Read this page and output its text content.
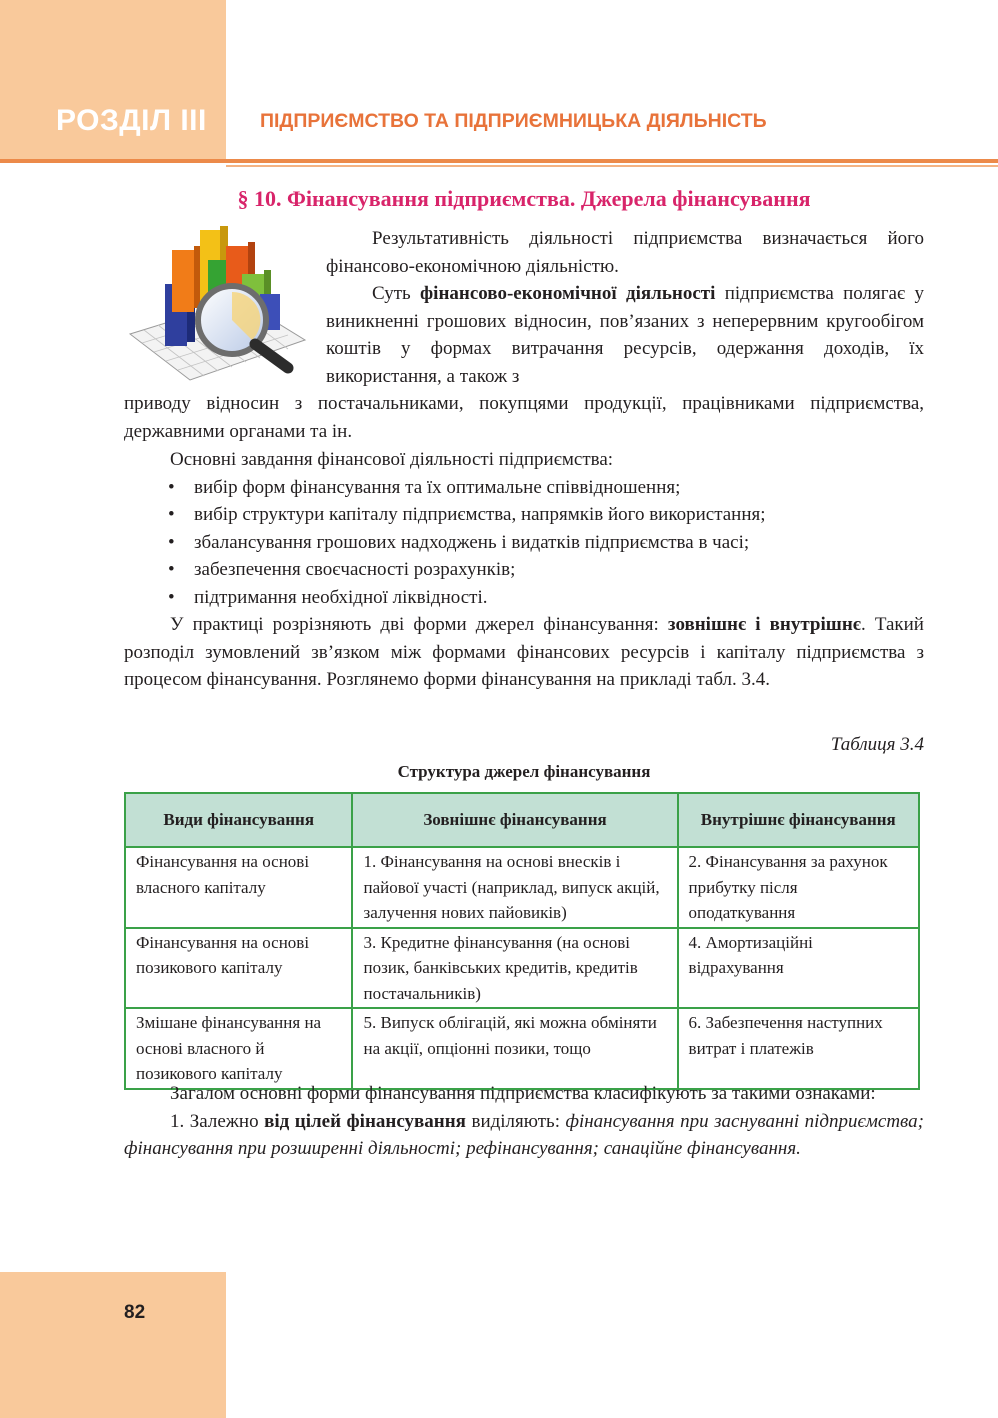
РОЗДІЛ III	ПІДПРИЄМСТВО ТА ПІДПРИЄМНИЦЬКА ДІЯЛЬНІСТЬ
§ 10. Фінансування підприємства. Джерела фінансування

Результативність діяльності підприємства визначається його фінансово-економічною діяльністю.

Суть фінансово-економічної діяльності підприємства полягає у виникненні грошових відносин, пов’язаних з неперервним кругообігом коштів у формах витрачання ресурсів, одержання доходів, їх використання, а також з

приводу відносин з постачальниками, покупцями продукції, працівниками підприємства, державними органами та ін.

Основні завдання фінансової діяльності підприємства:

• вибір форм фінансування та їх оптимальне співвідношення;
• вибір структури капіталу підприємства, напрямків його використання;
• збалансування грошових надходжень і видатків підприємства в часі;
• забезпечення своєчасності розрахунків;
• підтримання необхідної ліквідності.

У практиці розрізняють дві форми джерел фінансування: зовнішнє і внутрішнє. Такий розподіл зумовлений зв’язком між формами фінансових ресурсів і капіталу підприємства з процесом фінансування. Розглянемо форми фінансування на прикладі табл. 3.4.

Таблиця 3.4
Структура джерел фінансування
Види фінансування	Зовнішнє фінансування	Внутрішнє фінансування
Фінансування на основі власного капіталу	1. Фінансування на основі внесків і пайової участі (наприклад, випуск акцій, залучення нових пайовиків)	2. Фінансування за рахунок прибутку після оподаткування
Фінансування на основі позикового капіталу	3. Кредитне фінансування (на основі позик, банківських кредитів, кредитів постачальників)	4. Амортизаційні відрахування
Змішане фінансування на основі власного й позикового капіталу	5. Випуск облігацій, які можна обміняти на акції, опціонні позики, тощо	6. Забезпечення наступних витрат і платежів

Загалом основні форми фінансування підприємства класифікують за такими ознаками:

1. Залежно від цілей фінансування виділяють: фінансування при заснуванні підприємства; фінансування при розширенні діяльності; рефінансування; санаційне фінансування.

82
